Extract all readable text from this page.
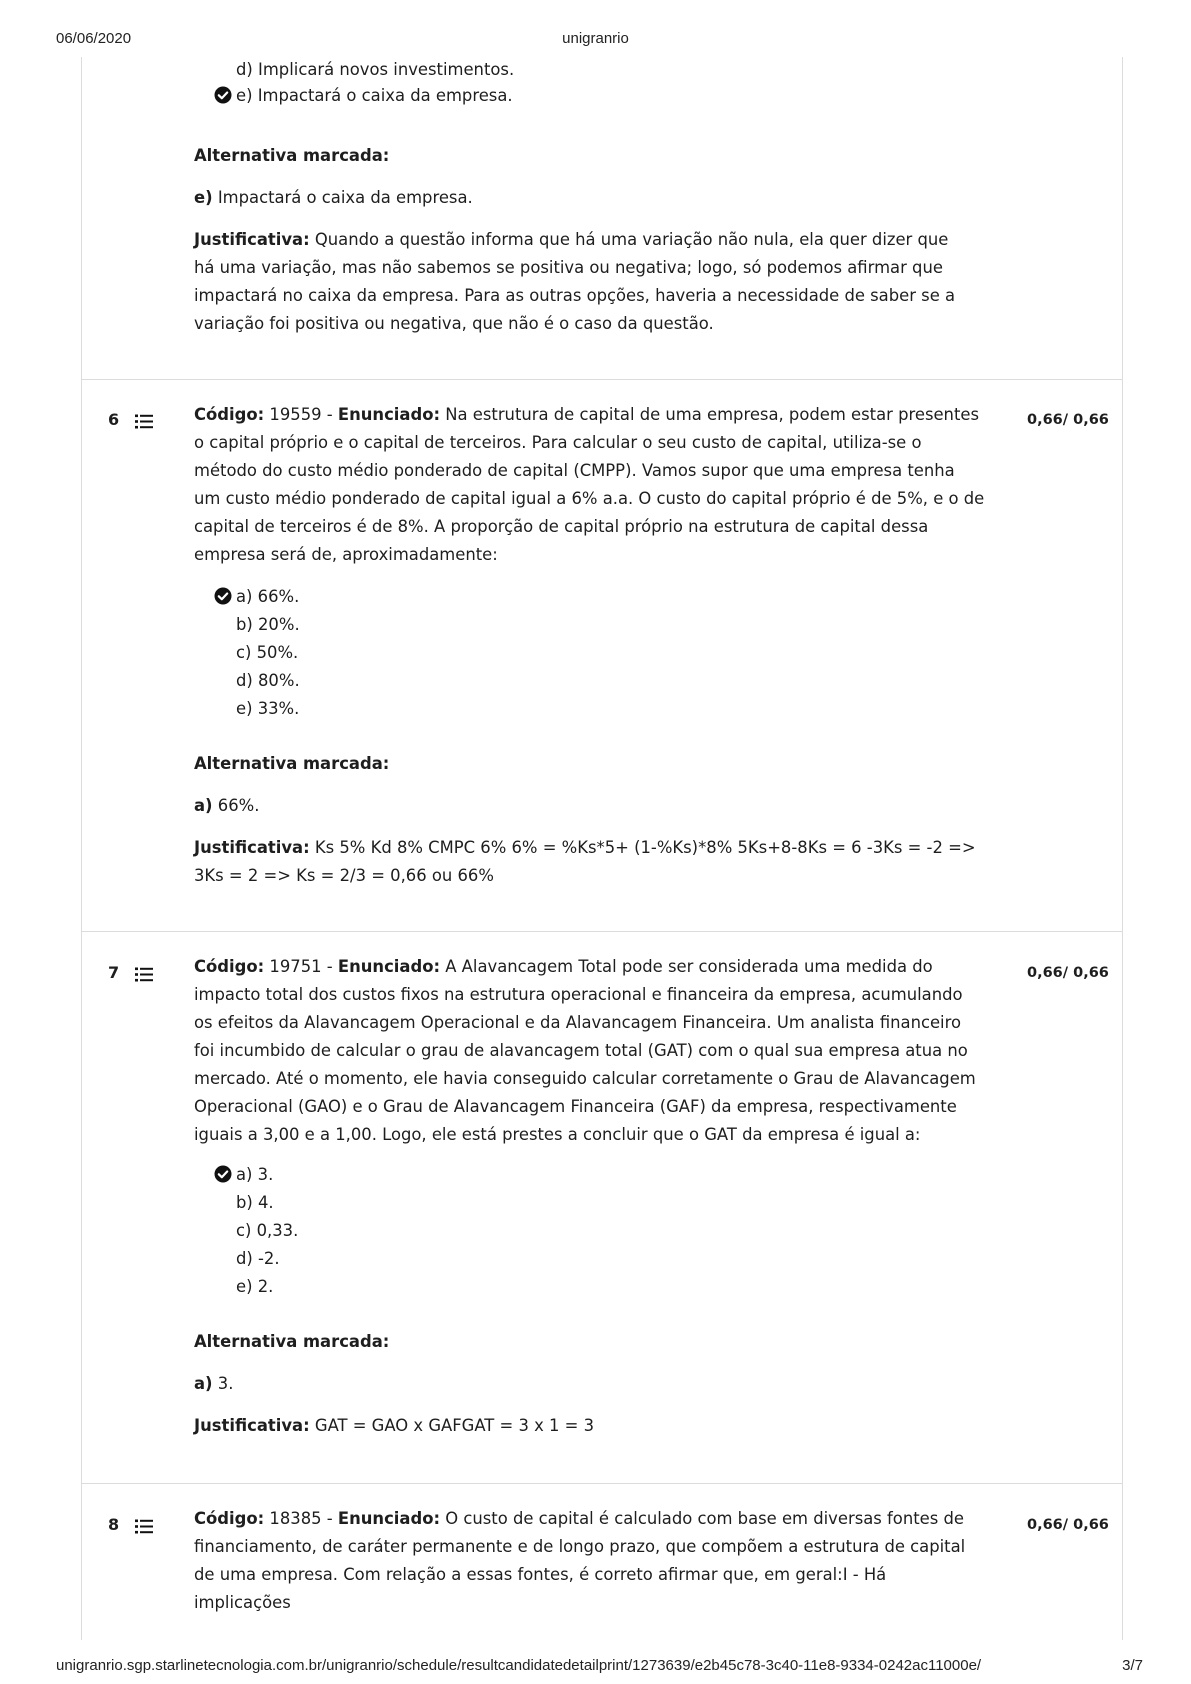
06/06/2020	unigranrio
d) Implicará novos investimentos.
e) Impactará o caixa da empresa.
Alternativa marcada:
e) Impactará o caixa da empresa.
Justificativa: Quando a questão informa que há uma variação não nula, ela quer dizer que há uma variação, mas não sabemos se positiva ou negativa; logo, só podemos afirmar que impactará no caixa da empresa. Para as outras opções, haveria a necessidade de saber se a variação foi positiva ou negativa, que não é o caso da questão.
6	0,66/ 0,66
Código: 19559 - Enunciado: Na estrutura de capital de uma empresa, podem estar presentes o capital próprio e o capital de terceiros. Para calcular o seu custo de capital, utiliza-se o método do custo médio ponderado de capital (CMPP). Vamos supor que uma empresa tenha um custo médio ponderado de capital igual a 6% a.a. O custo do capital próprio é de 5%, e o de capital de terceiros é de 8%. A proporção de capital próprio na estrutura de capital dessa empresa será de, aproximadamente:
a) 66%.
b) 20%.
c) 50%.
d) 80%.
e) 33%.
Alternativa marcada:
a) 66%.
Justificativa: Ks 5% Kd 8% CMPC 6% 6% = %Ks*5+ (1-%Ks)*8% 5Ks+8-8Ks = 6 -3Ks = -2 => 3Ks = 2 => Ks = 2/3 = 0,66 ou 66%
7	0,66/ 0,66
Código: 19751 - Enunciado: A Alavancagem Total pode ser considerada uma medida do impacto total dos custos fixos na estrutura operacional e financeira da empresa, acumulando os efeitos da Alavancagem Operacional e da Alavancagem Financeira. Um analista financeiro foi incumbido de calcular o grau de alavancagem total (GAT) com o qual sua empresa atua no mercado. Até o momento, ele havia conseguido calcular corretamente o Grau de Alavancagem Operacional (GAO) e o Grau de Alavancagem Financeira (GAF) da empresa, respectivamente iguais a 3,00 e a 1,00. Logo, ele está prestes a concluir que o GAT da empresa é igual a:
a) 3.
b) 4.
c) 0,33.
d) -2.
e) 2.
Alternativa marcada:
a) 3.
Justificativa: GAT = GAO x GAFGAT = 3 x 1 = 3
8	0,66/ 0,66
Código: 18385 - Enunciado: O custo de capital é calculado com base em diversas fontes de financiamento, de caráter permanente e de longo prazo, que compõem a estrutura de capital de uma empresa. Com relação a essas fontes, é correto afirmar que, em geral:I - Há implicações
unigranrio.sgp.starlinetecnologia.com.br/unigranrio/schedule/resultcandidatedetailprint/1273639/e2b45c78-3c40-11e8-9334-0242ac11000e/	3/7
